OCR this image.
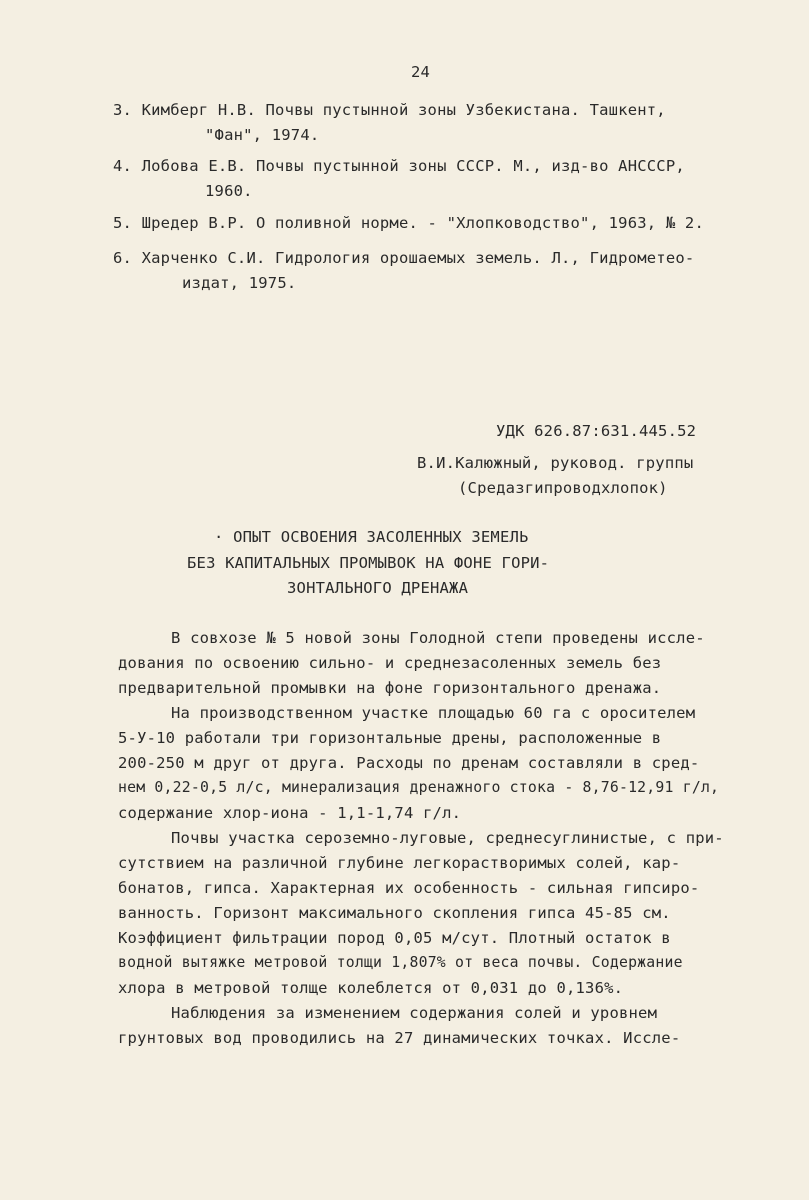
24
3. Кимберг Н.В. Почвы пустынной зоны Узбекистана. Ташкент,
"Фан", 1974.
4. Лобова Е.В. Почвы пустынной зоны СССР. М., изд-во АНСССР,
1960.
5. Шредер В.Р. О поливной норме. - "Хлопководство", 1963, № 2.
6. Харченко С.И. Гидрология орошаемых земель. Л., Гидрометео-
издат, 1975.
УДК 626.87:631.445.52
В.И.Калюжный, руковод. группы
(Средазгипроводхлопок)
· ОПЫТ ОСВОЕНИЯ ЗАСОЛЕННЫХ ЗЕМЕЛЬ
БЕЗ КАПИТАЛЬНЫХ ПРОМЫВОК НА ФОНЕ ГОРИ-
ЗОНТАЛЬНОГО ДРЕНАЖА
В совхозе № 5 новой зоны Голодной степи проведены иссле-
дования по освоению сильно- и среднезасоленных земель без
предварительной промывки на фоне горизонтального дренажа.
На производственном участке площадью 60 га с оросителем
5-У-10 работали три горизонтальные дрены, расположенные в
200-250 м друг от друга. Расходы по дренам составляли в сред-
нем 0,22-0,5 л/с, минерализация дренажного стока - 8,76-12,91 г/л,
содержание хлор-иона - 1,1-1,74 г/л.
Почвы участка сероземно-луговые, среднесуглинистые, с при-
сутствием на различной глубине легкорастворимых солей, кар-
бонатов, гипса. Характерная их особенность - сильная гипсиро-
ванность. Горизонт максимального скопления гипса 45-85 см.
Коэффициент фильтрации пород 0,05 м/сут. Плотный остаток в
водной вытяжке метровой толщи 1,807% от веса почвы. Содержание
хлора в метровой толще колеблется от 0,031 до 0,136%.
Наблюдения за изменением содержания солей и уровнем
грунтовых вод проводились на 27 динамических точках. Иссле-
